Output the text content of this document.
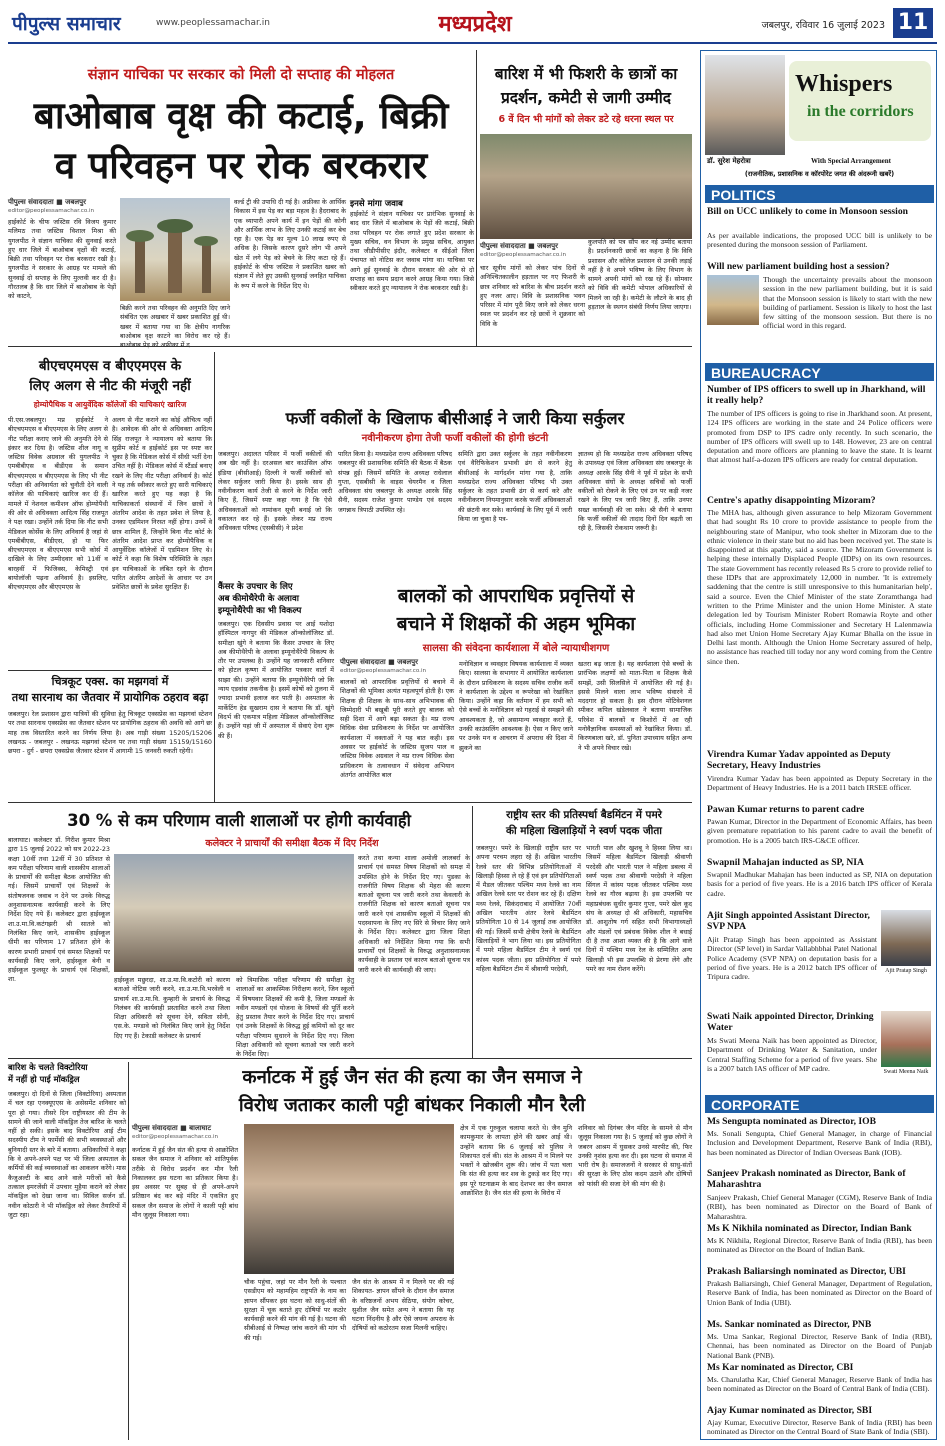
पीपुल्स समाचार	www.peoplessamachar.in	मध्यप्रदेश	जबलपुर, रविवार 16 जुलाई 2023 11
संज्ञान याचिका पर सरकार को मिली दो सप्ताह की मोहलत
बाओबाब वृक्ष की कटाई, बिक्री
व परिवहन पर रोक बरकरार
पीपुल्स संवाददाता ■ जबलपुर
editor@peoplessamachar.co.in
हाईकोर्ट के चीफ जस्टिस रवि विजय कुमार मलिमठ तथा जस्टिस विशाल मिश्रा की युगलपीठ ने संज्ञान याचिका की सुनवाई करते हुए धार जिले में बाओबाब वृक्षों की कटाई, बिक्री तथा परिवहन पर रोक बरकरार रखी है। युगलपीठ ने सरकार के आग्रह पर मामले की सुनवाई दो सप्ताह के लिए मुल्तवी कर दी है। गौरतलब है कि धार जिले में बाओबाब के पेड़ों को काटने,
बिक्री करने तथा परिवहन की अनुमति दिए जाने संबंधित एक अखबार में खबर प्रकाशित हुई थी। खबर में बताया गया था कि क्षेत्रीय नागरिक बाओबाब वृक्ष काटने का विरोध कर रहे हैं।
वर्ल्ड ट्री की उपाधि दी गई है। अफ्रीका के आर्थिक विकास में इस पेड़ का बड़ा महत्व है। हैदराबाद के एक व्यापारी अपने कार्य में इन पेड़ों की कोनी और आर्थिक लाभ के लिए उनकी कटाई कर बेच रहा है। एक पेड़ का मूल्य 10 लाख रुपए से अधिक है। जिसके कारण दूसरे लोग भी अपने खेत में लगे पेड़ को बेचने के लिए कटा रहे हैं। हाईकोर्ट के चीफ जस्टिस ने प्रकाशित खबर को संज्ञान में लेते हुए उसकी सुनवाई जनहित याचिका के रूप में करने के निर्देश दिए थे।
इनसे मांगा जवाब
हाईकोर्ट ने संज्ञान याचिका पर प्रारंभिक सुनवाई के बाद धार जिले में बाओबाब के पेड़ों की कटाई, बिक्री तथा परिवहन पर रोक लगाते हुए प्रदेश सरकार के मुख्य सचिव, वन विभाग के प्रमुख सचिव, आयुक्त तथा जीडीपीसीए इंदौर, कलेक्टर व सीईओ जिला पंचायत को नोटिस कर जवाब मांगा था। याचिका पर आगे हुई सुनवाई के दौरान सरकार की ओर से दो सप्ताह का समय प्रदान करने आग्रह किया गया। जिसे स्वीकार करते हुए न्यायालय ने रोक बरकरार रखी है।
बारिश में भी फिशरी के छात्रों का
प्रदर्शन, कमेटी से जागी उम्मीद
6 वें दिन भी मांगों को लेकर डटे रहे धरना स्थल पर
पीपुल्स संवाददाता ■ जबलपुर
editor@peoplessamachar.co.in
चार सूत्रीय मांगों को लेकर पांच दिनों से अनिश्चितकालीन हड़ताल पर गए फिशरी के छात्र शनिवार को बारिश के बीच प्रदर्शन करते हुए नजर आए। विवि के प्रशासनिक भवन परिसर में मांग पूरी किए जाने को लेकर धरना स्थल पर प्रदर्शन कर रहे छात्रों ने शुक्रवार को विवि के
कुलपति को पत्र सौंप कर नई उम्मीद बताया है। प्रदर्शनकारी छात्रों का कहना है कि विवि प्रशासन और कॉलेज प्रशासन से उनकी लड़ाई नहीं है वे अपने भविष्य के लिए विभाग के सामने अपनी मांगों को रख रहे हैं। सोमवार को विवि की कमेटी भोपाल अधिकारियों से मिलने जा रही है। कमेटी के लौटने के बाद ही हड़ताल के स्थगन संबंधी निर्णय लिया जाएगा।
बीएचएमएस व बीएएमएस के
लिए अलग से नीट की मंजूरी नहीं
होम्योपैथिक व आयुर्वेदिक कॉलेजों की याचिकाएं खारिज
पी.एस.जबलपुर। मप्र हाईकोर्ट ने बीएचएमएस व बीएएमएस के लिए अलग से नीट परीक्षा कराए जाने की अनुमति देने से इंकार कर दिया है। जस्टिस शील नागू व जस्टिस विवेक अग्रवाल की युगलपीठ ने एमबीबीएस व बीडीएस के समान बीएचएमएस व बीएएमएस के लिए भी नीट परीक्षा की अनिवार्यता को चुनौती देने वाली कॉलेज की याचिकाएं खारिज कर दी हैं। मामले में नेशनल कमीशन ऑफ होम्योपैथी की ओर से अधिवक्ता आदित्य सिंह राजपूत ने पक्ष रखा। उन्होंने तर्क दिया कि नीट सभी मेडिकल कोर्सेस के लिए अनिवार्य है जहां से एमबीबीएस, बीडीएस, हो या फिर बीएचएमएस व बीएएमएस सभी कोर्स में दाखिले के लिए उम्मीदवार को 11वीं व बारहवीं में फिजिक्स, केमिस्ट्री एवं बायोलॉजी पढ़ना अनिवार्य है। इसलिए, बीएचएमएस और बीएएमएस के
अलग से नीट कराने का कोई औचित्य नहीं है। आवेदक की ओर से अधिवक्ता आदित्य सिंह राजपूत ने न्यायालय को बताया कि सुप्रीम कोर्ट व हाईकोर्ट इस पर स्पष्ट कर चुका है कि मेडिकल कोर्स में सीधी भर्ती देना उचित नहीं है। मेडिकल कोर्स में स्टैंडर्ड बनाए रखने के लिए नीट परीक्षा अनिवार्य है। कोर्ट ने यह तर्क स्वीकार करते हुए सारी याचिकाएं खारिज करते हुए यह कहा है कि याचिकाकर्ता संस्थानों में जिन छात्रों ने अंतरिम आदेश के तहत प्रवेश ले लिया है, उनका एडमिशन निरस्त नहीं होगा। उनमें वे छात्र शामिल हैं, जिन्होंने बिना नीट कोर्ट के अंतरिम आदेश प्राप्त कर होम्योपैथिक व आयुर्वेदिक कॉलेजों में एडमिशन लिए थे। कोर्ट ने कहा कि विशेष परिस्थिति के तहत इन याचिकाओं के लंबित रहने के दौरान पारित अंतरिम आदेशों के आधार पर उन प्रवेशित छात्रों के प्रवेश सुरक्षित हैं।
चित्रकूट एक्स. का मझगवां में
तथा सारनाथ का जैतवार में प्रायोगिक ठहराव बढ़ा
जबलपुर। रेल प्रशासन द्वारा यात्रियों की सुविधा हेतु चित्रकूट एक्सप्रेस का मझगवां स्टेशन पर तथा सारनाथ एक्सप्रेस का जैतवार स्टेशन पर प्रायोगिक ठहराव की अवधि को आगे छः माह तक विस्तारित करने का निर्णय लिया है। अब गाड़ी संख्या 15205/15206 लखनऊ - जबलपुर - लखनऊ मझगवां स्टेशन पर तथा गाड़ी संख्या 15159/15160 छपरा - दुर्ग - छपरा एक्सप्रेस जैतवार स्टेशन में आगामी 15 जनवरी रुकती रहेगी।
फर्जी वकीलों के खिलाफ बीसीआई ने जारी किया सर्कुलर
नवीनीकरण होगा तेजी फर्जी वकीलों की होगी छंटनी
जबलपुर। अदालत परिसर में फर्जी वकीलों की अब खैर नहीं है। दरअसल बार काउंसिल ऑफ इंडिया (बीसीआई) दिल्ली ने फर्जी वकीलों को लेकर सर्कुलर जारी किया है। इसके साथ ही नवीनीकरण कार्य तेजी से करने के निर्देश जारी किए हैं, जिसमें स्पष्ट कहा गया है कि ऐसे अधिवक्ताओं को नामांकन सूची बनाई जो कि वकालत कर रहे हैं। इसके लेकर मप्र राज्य अधिवक्ता परिषद (एसबीसी) ने प्रदेश
पारित किया है। मध्यप्रदेश राज्य अधिवक्ता परिषद जबलपुर की प्रशासनिक समिति की बैठक में बैठक संपन्न हुई। जिसमें समिति के अध्यक्ष राधेलाल गुप्ता, एसबीसी के वाइस चेयरमैन व जिला अधिवक्ता संघ जबलपुर के अध्यक्ष आरके सिंह सैनी, सदस्य राजेश कुमार पाण्डेय एवं सदस्य जगन्नाथ त्रिपाठी उपस्थित रहे।
समिति द्वारा उक्त सर्कुलर के तहत नवीनीकरण एवं वैरिफिकेशन प्रभावी ढंग से करने हेतु बीसीआई के मार्गदर्शन मांगा गया है, ताकि मध्यप्रदेश राज्य अधिवक्ता परिषद भी उक्त सर्कुलर के तहत प्रभावी ढंग से कार्य करे और नवीनीकरण नियमानुसार करके फर्जी अधिवक्ताओं की छंटनी कर सके। कार्यवाई के लिए पूर्व में जारी किया जा चुका है पत्र-
ज्ञातव्य हो कि मध्यप्रदेश राज्य अधिवक्ता परिषद के उपाध्यक्ष एवं जिला अधिवक्ता संघ जबलपुर के अध्यक्ष आरके सिंह सैनी ने पूर्व में प्रदेश के सभी अधिवक्ता संघों के अध्यक्ष सचिवों को फर्जी वकीलों को रोकने के लिए एवं उन पर कड़ी नजर रखने के लिए पत्र जारी किए हैं, ताकि उनपर सख्त कार्यवाही की जा सके। श्री सैनी ने बताया कि फर्जी वकीलों की तादाद दिनों दिन बढ़ती जा रही है, जिसकी रोकथाम जरूरी है।
कैंसर के उपचार के लिए
अब कीमोथैरेपी के अलावा
इम्यूनोथैरेपी का भी विकल्प
जबलपुर। एक दिवसीय प्रवास पर आई यशोदा हॉस्पिटल नागपुर की मेडिकल ऑन्कोलॉजिस्ट डॉ. समीक्षा खुंगे ने बताया कि कैंसर उपचार के लिए अब कीमोथैरेपी के अलावा इम्यूनोथैरेपी विकल्प के तौर पर उपलब्ध है। उन्होंने यह जानकारी शनिवार को होटल कृष्णा में आयोजित पत्रकार वार्ता में साझा की। उन्होंने बताया कि इम्यूनोथैरेपी जो कि न्याय एडवांस तकनीक है। इसमें कोषों को तुलना में ज्यादा प्रभावी इलाज कर पाती है। अस्पताल के मार्केटिंग हेड सुखराम दास ने बताया कि डॉ. खुंगे विदर्भ की एकमात्र महिला मेडिकल ऑन्कोलॉजिस्ट हैं। उन्होंने यहां जी में अस्पताल में सेवाएं देना शुरू की हैं।
बालकों को आपराधिक प्रवृत्तियों से
बचाने में शिक्षकों की अहम भूमिका
सालसा की संवेदना कार्यशाला में बोले न्यायाधीशगण
पीपुल्स संवाददाता ■ जबलपुर
editor@peoplessamachar.co.in
बालकों को आपराधिक प्रवृत्तियों से बचाने में शिक्षकों की भूमिका अत्यंत महत्वपूर्ण होती है। एक शिक्षक ही शिक्षक के साथ-साथ अभिभावक की जिम्मेदारी भी बखूबी पूरी करते हुए बालक को सही दिशा में आगे बढ़ा सकता है। मप्र राज्य विधिक सेवा प्राधिकरण के निर्देश पर आयोजित कार्यशाला में वक्ताओं ने यह बात कही। इस अवसर पर हाईकोर्ट के जस्टिस सुजय पाल व जस्टिस विवेक अग्रवाल ने मप्र राज्य विधिक सेवा प्राधिकरण के तत्वावधान में संवेदना अभियान अंतर्गत आयोजित बाल
मनोविज्ञान व व्यवहार विषयक कार्यशाला में व्यक्त किए। सालसा के सभागार में आयोजित कार्यशाला के दौरान प्राधिकरण के सदस्य सचिव राजीव कर्मे ने कार्यशाला के उद्देश्य व रूपरेखा को रेखांकित किया। उन्होंने कहा कि वर्तमान में हम सभी को ऐसे बच्चों के मनोविज्ञान को गहराई से समझने की आवश्यकता है, जो असामान्य व्यवहार करते हैं, उनकी काउंसलिंग आवश्यक है। ऐसा न किए जाने पर उनके मन व आचरण में अपराध की दिशा में झुकने का
खतरा बढ़ जाता है। यह कार्यशाला ऐसे बच्चों के प्रारंभिक लक्षणों को माता-पिता व शिक्षक कैसे समझें, उसी सिलसिले में आयोजित की गई है। इससे मिलने वाला लाभ भविष्य संवारने में मददगार हो सकता है। इस दौरान मोटिवेशनल स्पीकर कपिल खंडेलवाल ने बताया सामाजिक परिवेश में बालकों व किशोरों में आ रही मनोवैज्ञानिक समस्याओं को रेखांकित किया। डॉ. किरणबाला खरे, डॉ. पुनिता उपाध्याय सहित अन्य ने भी अपने विचार रखे।
30 % से कम परिणाम वाली शालाओं पर होगी कार्यवाही
बालाघाट। कलेक्टर डॉ. गिरीश कुमार मिश्रा द्वारा 15 जुलाई 2022 को सत्र 2022-23 कक्षा 10वीं तथा 12वीं में 30 प्रतिशत से कम परीक्षा परिणाम वाली शासकीय शालाओं के प्राचार्यों की समीक्षा बैठक आयोजित की गई। जिसमें प्राचार्यों एवं शिक्षकों के संतोषजनक जवाब न देने पर उनके विरुद्ध अनुशासनात्मक कार्यवाही करने के लिए निर्देश दिए गये हैं। कलेक्टर द्वारा हाईस्कूल शा.उ.मा.वि.कटंगझरी श्री सातले को निलंबित किए जाने, शासकीय हाईस्कूल धीमी का परिणाम 17 प्रतिशत होने के कारण प्रभारी प्राचार्य एवं समस्त शिक्षकों पर कार्यवाही किए जाने, हाईस्कूल बेनी व हाईस्कूल फुलसूर के प्राचार्य एवं शिक्षकों, शा.
कलेक्टर ने प्राचार्यों की समीक्षा बैठक में दिए निर्देश
करते तथा कन्या शाला अमोली लालबर्रा के प्राचार्य एवं समस्त विषय शिक्षकों को समक्ष में उपस्थित होने के निर्देश दिए गए। पुडका के राजनीति विषय शिक्षक श्री मेहरा की कारण बताओ सूचना पत्र जारी करने तथा केवलारी के राजनीति शिक्षक को कारण बताओ सूचना पत्र जारी करने एवं शासकीय स्कूलों में शिक्षकों की पदस्थापना के लिए नए सिरे से विचार किए जाने के निर्देश दिए। कलेक्टर द्वारा जिला शिक्षा अधिकारी को निर्देशित किया गया कि सभी प्राचार्यों एवं शिक्षकों के विरुद्ध अनुशासनात्मक कार्यवाही के प्रस्ताव एवं कारण बताओ सूचना पत्र जारी करने की कार्यवाही की जाए।
हाईस्कूल मछुरदा, शा.उ.मा.वि.कटोरी को कारण बताओ नोटिस जारी करने, शा.उ.मा.वि.भरवेली व प्राचार्य शा.उ.मा.वि. कुम्हारी के प्राचार्य के विरुद्ध निलंबन की कार्यवाही प्रस्तावित करने तथा जिला शिक्षा अधिकारी को सूचना देने, सविता सोनी, एस.के. मण्डावे को निलंबित किए जाने हेतु निर्देश दिए गए हैं। टेकाडी कलेक्टर के प्राचार्य
को त्रिमासिक परीक्षा परिणाम की समीक्षा हेतु शालाओं का आकस्मिक निरीक्षण करने, जिन स्कूलों में विषयवार शिक्षकों की कमी है, जिला मण्डलों के नवीन मण्डलों एवं योजना के विषयों की पूर्ति करने हेतु प्रस्ताव तैयार करने के निर्देश दिए गए। प्राचार्य एवं उनके शिक्षकों के विरुद्ध हुई कमियों को दूर कर परीक्षा परिणाम सुधारने के निर्देश दिए गए। जिला शिक्षा अधिकारी को सूचना बताओ पत्र जारी करने के निर्देश दिए।
राष्ट्रीय स्तर की प्रतिस्पर्धा बैडमिंटन में पमरे
की महिला खिलाड़ियों ने स्वर्ण पदक जीता
जबलपुर। पमरे के खिलाड़ी राष्ट्रीय स्तर पर अपना परचम लहरा रहे हैं। अखिल भारतीय रेलवे स्तर की विभिन्न प्रतियोगिताओं में खिलाड़ी हिस्सा ले रहे हैं एवं इन प्रतियोगिताओं में मैडल जीतकर पश्चिम मध्य रेलवे का नाम अखिल रेलवे स्तर पर रोशन कर रहे हैं। दक्षिण मध्य रेलवे, सिकंदराबाद में आयोजित 70वीं अखिल भारतीय अंतर रेलवे बैडमिंटन प्रतियोगिता 10 से 14 जुलाई तक आयोजित की गई। जिसमें सभी क्षेत्रीय रेलवे के बैडमिंटन खिलाड़ियों ने भाग लिया था। इस प्रतियोगिता में पमरे महिला बैडमिंटन टीम ने स्वर्ण एवं कांस्य पदक जीता। इस प्रतियोगिता में पमरे महिला बैडमिंटन टीम में श्रीवाणी परदेसी,
भारती पाल और खुशबू ने हिस्सा लिया था। जिसमें महिला बैडमिंटन खिलाड़ी श्रीवाणी परदेसी और भारती पाल ने महिला डबल्स में स्वर्ण पदक तथा श्रीवाणी परदेसी ने महिला सिंगल में कांस्य पदक जीतकर पश्चिम मध्य रेलवे का गौरव बढ़ाया है। इस उपलब्धि पर महाप्रबंधक सुधीर कुमार गुप्ता, पमरे खेल कूद संघ के अध्यक्ष दो श्री अधिकारी, महासचिव डॉ. आशुतोष गर्ग सहित सभी विभागाध्यक्षों और मंडलों एवं प्रबंधक विवेक शील ने बधाई दी है तथा आशा व्यक्त की है कि आगे वाले दिनों में पश्चिम मध्य रेल के सम्मिलित अन्य खिलाड़ी भी इस उपलब्धि से प्रेरणा लेंगे और पमरे का नाम रोशन करेंगे।
बारिश के चलते विक्टोरिया
में नहीं हो पाई मॉकड्रिल
जबलपुर। दो दिनों से जिला (विक्टोरिया) अस्पताल में चल रहा एनक्यूएएस के असेसमेंट शनिवार को पूरा हो गया। तीसरे दिन राष्ट्रीयस्तर की टीम के सामने की जाने वाली मॉकड्रिल तेज बारिश के चलते नहीं हो सकी। इसके बाद विक्टोरिया आई टीम सदस्यीय टीम ने फार्मेसी की सभी व्यवस्थाओं और बुनियादी स्तर के बारे में बताया। अधिकारियों ने कहा कि वे अपने-अपने पक्ष पर भी जिला अस्पताल के कर्मियों की कई व्यवस्थाओं का आकलन करेंगे। मास कैजुअल्टी के बाद आने वाले मरीजों को कैसे तत्काल इमरजेंसी में उपचार मुहैया कराने को लेकर मॉकड्रिल को देखा जाना था। सिविल सर्जन डॉ. नवीन कोठारी ने भी मॉकड्रिल को लेकर तैयारियों में जुटा रहा।
कर्नाटक में हुई जैन संत की हत्या का जैन समाज ने
विरोध जताकर काली पट्टी बांधकर निकाली मौन रैली
पीपुल्स संवाददाता ■ बालाघाट
editor@peoplessamachar.co.in
कर्नाटक में हुई जैन संत की हत्या से आक्रोशित सकल जैन समाज ने शनिवार को शांतिपूर्वक तरीके से विरोध प्रदर्शन कर मौन रैली निकालकर इस घटना का प्रतिकार किया है। इस अवसर पर सुबह से ही अपने-अपने प्रतिष्ठान बंद कर बड़े मंदिर में एकत्रित हुए सकल जैन समाज के लोगों ने काली पट्टी बांध मौन जुलूस निकाला गया।
चौक पहुंचा, जहां पर मौन रैली के पश्चात एसडीएम को महामहिम राष्ट्रपति के नाम का ज्ञापन सौंपकर इस घटना को साधु-संतों की सुरक्षा में चूक बताते हुए दोषियों पर कठोर कार्यवाही करने की मांग की गई है। घटना की सीबीआई से निष्पक्ष जांच कराने की मांग भी की गई।
जैन संत के आश्रम में न मिलने पर की गई शिकायत- ज्ञापन सौंपने के दौरान जैन समाज के वरिष्ठजनों अभय सेठिया, संयोग कोचर, सुशील जैन समेत अन्य ने बताया कि यह घटना निंदनीय है और ऐसे जघन्य अपराध के दोषियों को कठोरतम सजा मिलनी चाहिए।
क्षेत्र में एक गुरुकुल चलाया करते थे। जैन मुनि कामकुमार के लापता होने की खबर आई थी। उन्होंने बताया कि 6 जुलाई को पुलिस ने शिकायत दर्ज की। संत के आश्रम में न मिलने पर भक्तों ने खोजबीन शुरू की। जांच में पता चला कि संत की हत्या कर शव के टुकड़े कर दिए गए। इस पूरे घटनाक्रम के बाद देशभर का जैन समाज आक्रोशित है। जैन संत की हत्या के विरोध में
शनिवार को दिगंबर जैन मंदिर के सामने से मौन जुलूस निकाला गया है। 5 जुलाई को कुछ लोगों ने जबरन आश्रम में घुसकर उनसे मारपीट की, फिर उनकी नृशंस हत्या कर दी। इस घटना से समाज में भारी रोष है। समाजजनों ने सरकार से साधु-संतों की सुरक्षा के लिए ठोस कदम उठाने और दोषियों को फांसी की सजा देने की मांग की है।
Whispers
in the corridors
डॉ. सुरेश मेहरोत्रा	With Special Arrangement
(राजनीतिक, प्रशासनिक व कॉरपोरेट जगत की अंदरूनी खबरें)
POLITICS
Bill on UCC unlikely to come in Monsoon session
As per available indications, the proposed UCC bill is unlikely to be presented during the monsoon session of Parliament.
Will new parliament building host a session?
Though the uncertainty prevails about the monsoon session in the new parliament building, but it is said that the Monsoon session is likely to start with the new building of parliament. Session is likely to host the last few sitting of the monsoon session. But there is no official word in this regard.
BUREAUCRACY
Number of IPS officers to swell up in Jharkhand, will it really help?
The number of IPS officers is going to rise in Jharkhand soon. At present, 124 IPS officers are working in the state and 24 Police officers were promoted from DSP to IPS cadre only recently. In such scenario, the number of IPS officers will swell up to 148. However, 23 are on central deputation and more officers are planning to leave the state. It is learnt that almost half-a-dozen IPS officers are ready for central deputation.
Centre's apathy disappointing Mizoram?
The MHA has, although given assurance to help Mizoram Government that had sought Rs 10 crore to provide assistance to people from the neighbouring state of Manipur, who took shelter in Mizoram due to the ethnic violence in their state but no aid has been received yet. The state is disappointed at this apathy, said a source. The Mizoram Government is helping these internally Displaced People (IDPs) on its own resources. The state Government has recently released Rs 5 crore to provide relief to these IDPs that are approximately 12,000 in number. 'It is extremely saddening that the centre is still unresponsive to this humanitarian help', said a source. Even the Chief Minister of the state Zoramthanga had written to the Prime Minister and the union Home Minister. A state delegation led by Tourism Minister Robert Romawia Royte and other officials, including Home Commissioner and Secretary H Lalenmawia had also met Union Home Secretary Ajay Kumar Bhalla on the issue in Delhi last month. Although the Union Home Secretary assured of help, no assistance has reached till today nor any word coming from the Centre since then.
Virendra Kumar Yadav appointed as Deputy Secretary, Heavy Industries
Virendra Kumar Yadav has been appointed as Deputy Secretary in the Department of Heavy Industries. He is a 2011 batch IRSEE officer.
Pawan Kumar returns to parent cadre
Pawan Kumar, Director in the Department of Economic Affairs, has been given premature repatriation to his parent cadre to avail the benefit of promotion. He is a 2005 batch IRS-C&CE officer.
Swapnil Mahajan inducted as SP, NIA
Swapnil Madhukar Mahajan has been inducted as SP, NIA on deputation basis for a period of five years. He is a 2016 batch IPS officer of Kerala cadre.
Ajit Singh appointed Assistant Director, SVP NPA
Ajit Pratap Singh has been appointed as Assistant Director (SP level) in Sardar Vallabhbhai Patel National Police Academy (SVP NPA) on deputation basis for a period of five years. He is a 2012 batch IPS officer of Tripura cadre.
Ajit Pratap Singh
Swati Naik appointed Director, Drinking Water
Ms Swati Meena Naik has been appointed as Director, Department of Drinking Water & Sanitation, under Central Staffing Scheme for a period of five years. She is a 2007 batch IAS officer of MP cadre.	Swati Meena Naik
CORPORATE
Ms Sengupta nominated as Director, IOB
Ms. Sonali Sengupta, Chief General Manager, in charge of Financial Inclusion and Development Department, Reserve Bank of India (RBI), has been nominated as Director of Indian Overseas Bank (IOB).
Sanjeev Prakash nominated as Director, Bank of Maharashtra
Sanjeev Prakash, Chief General Manager (CGM), Reserve Bank of India (RBI), has been nominated as Director on the Board of Bank of Maharashtra.
Ms K Nikhila nominated as Director, Indian Bank
Ms K Nikhila, Regional Director, Reserve Bank of India (RBI), has been nominated as Director on the Board of Indian Bank.
Prakash Baliarsingh nominated as Director, UBI
Prakash Baliarsingh, Chief General Manager, Department of Regulation, Reserve Bank of India, has been nominated as Director on the Board of Union Bank of India (UBI).
Ms. Sankar nominated as Director, PNB
Ms. Uma Sankar, Regional Director, Reserve Bank of India (RBI), Chennai, has been nominated as Director on the Board of Punjab National Bank (PNB).
Ms Kar nominated as Director, CBI
Ms. Charulatha Kar, Chief General Manager, Reserve Bank of India has been nominated as Director on the Board of Central Bank of India (CBI).
Ajay Kumar nominated as Director, SBI
Ajay Kumar, Executive Director, Reserve Bank of India (RBI) has been nominated as Director on the Central Board of State Bank of India (SBI).
